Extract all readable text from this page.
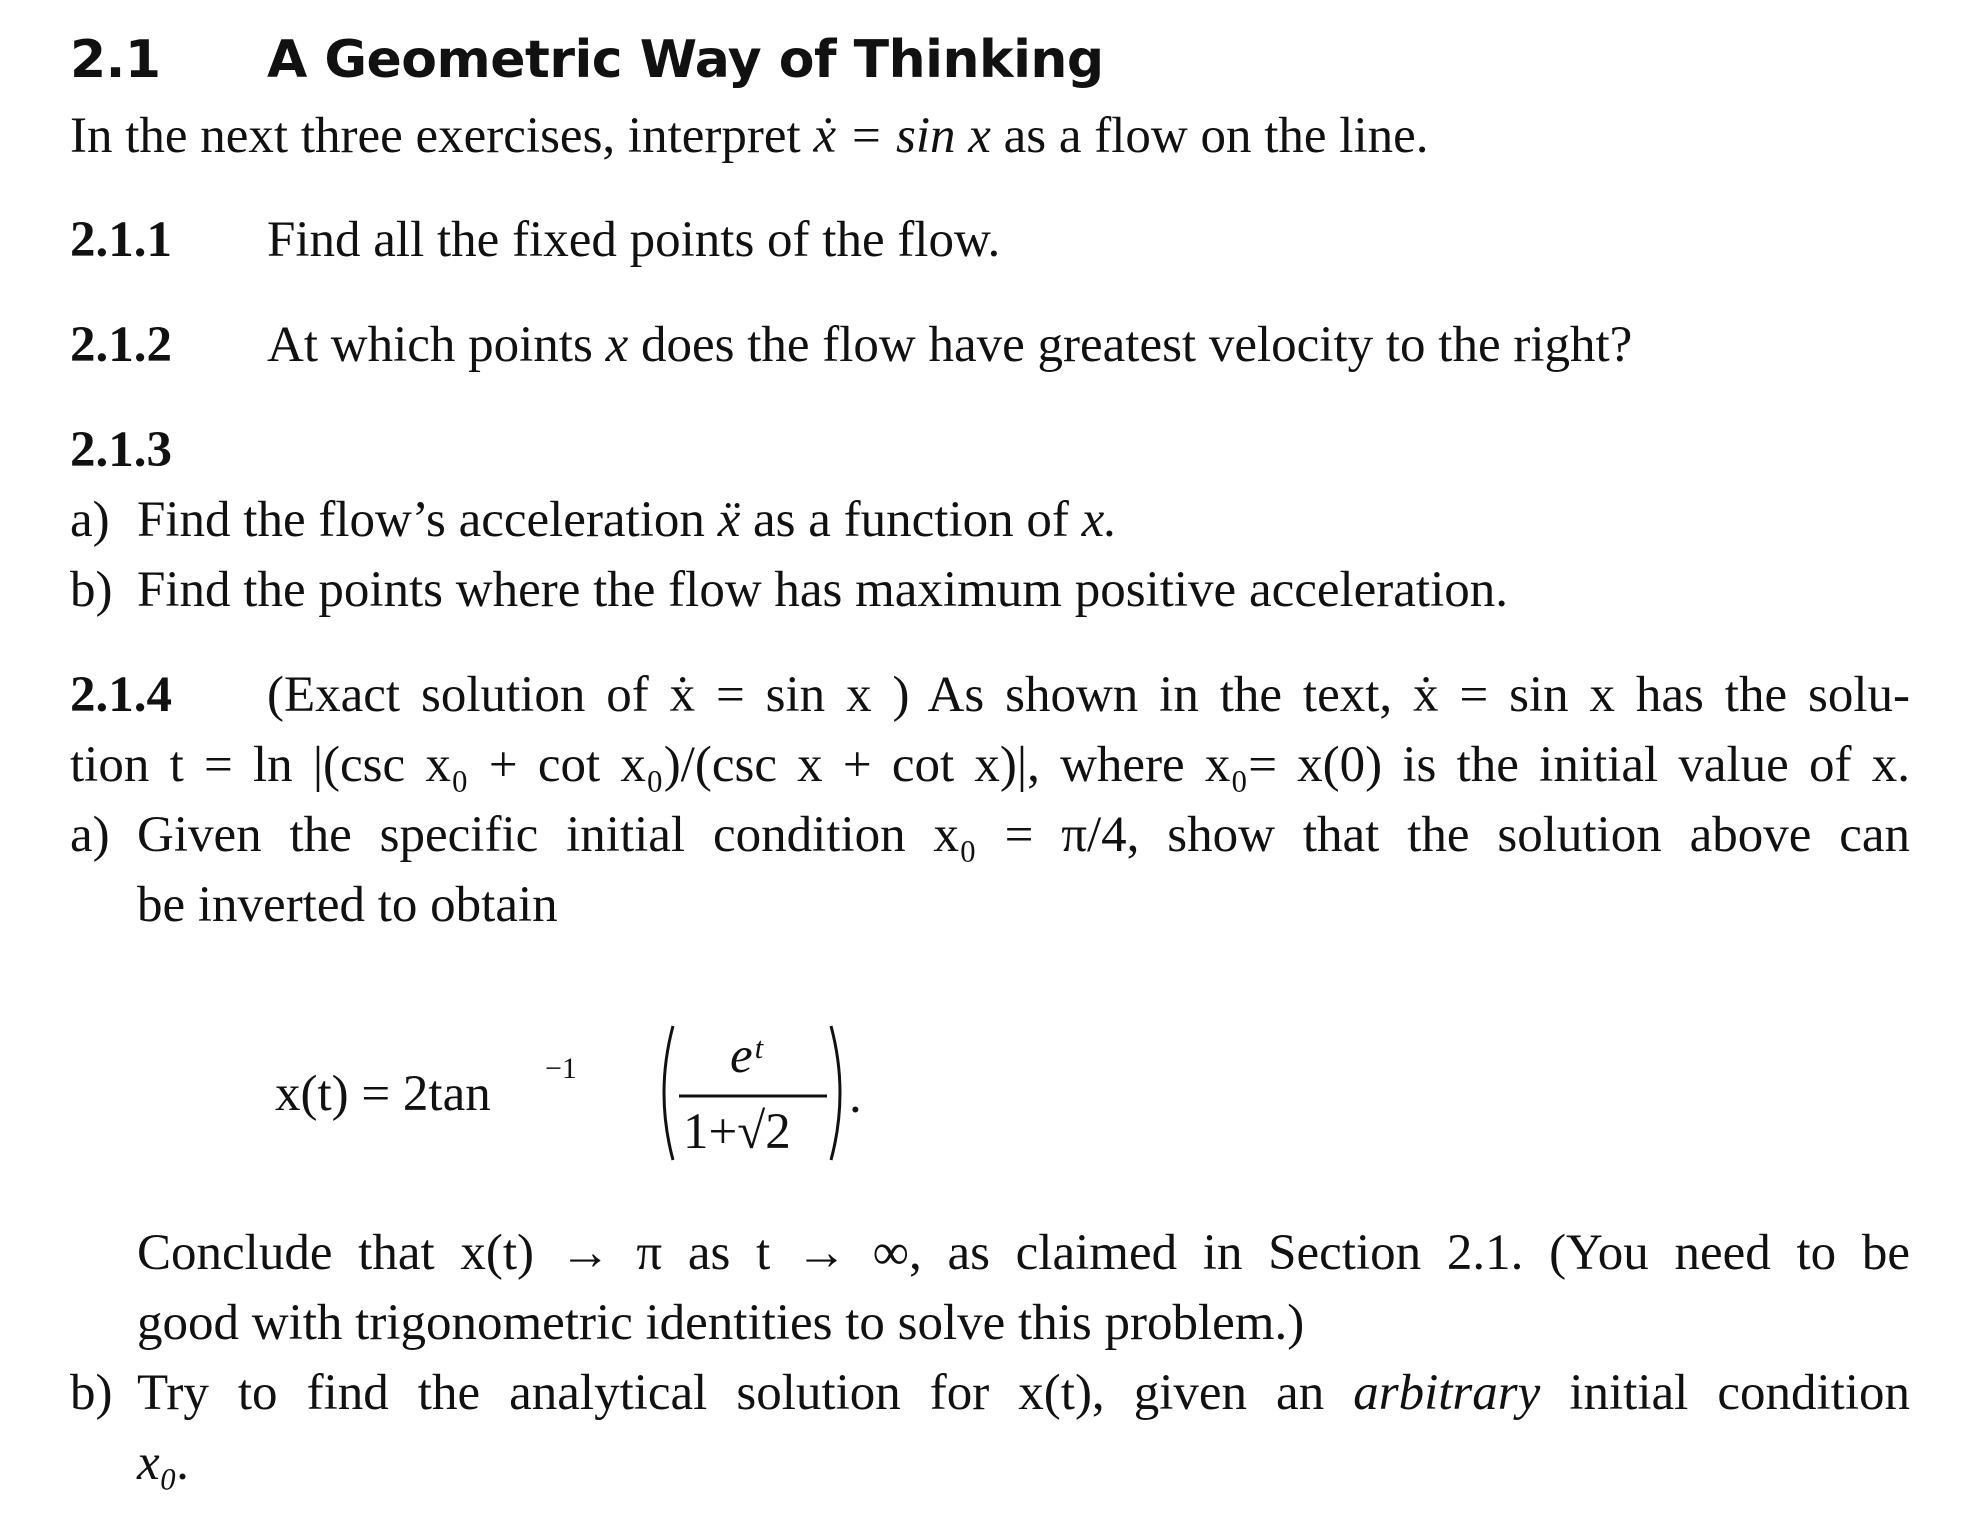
2.1 A Geometric Way of Thinking
In the next three exercises, interpret ẋ = sin x as a flow on the line.
2.1.1 Find all the fixed points of the flow.
2.1.2 At which points x does the flow have greatest velocity to the right?
2.1.3
a) Find the flow’s acceleration ẍ as a function of x.
b) Find the points where the flow has maximum positive acceleration.
2.1.4 (Exact solution of ẋ = sin x ) As shown in the text, ẋ = sin x has the solu-
tion t = ln |(csc x₀ + cot x₀)/(csc x + cot x)|, where x₀= x(0) is the initial value of x.
a) Given the specific initial condition x₀ = π/4, show that the solution above can
be inverted to obtain
x(t) = 2tan −1	eᵗ
1+√2
.
Conclude that x(t) → π as t → ∞, as claimed in Section 2.1. (You need to be
good with trigonometric identities to solve this problem.)
b) Try to find the analytical solution for x(t), given an arbitrary initial condition
x₀.
